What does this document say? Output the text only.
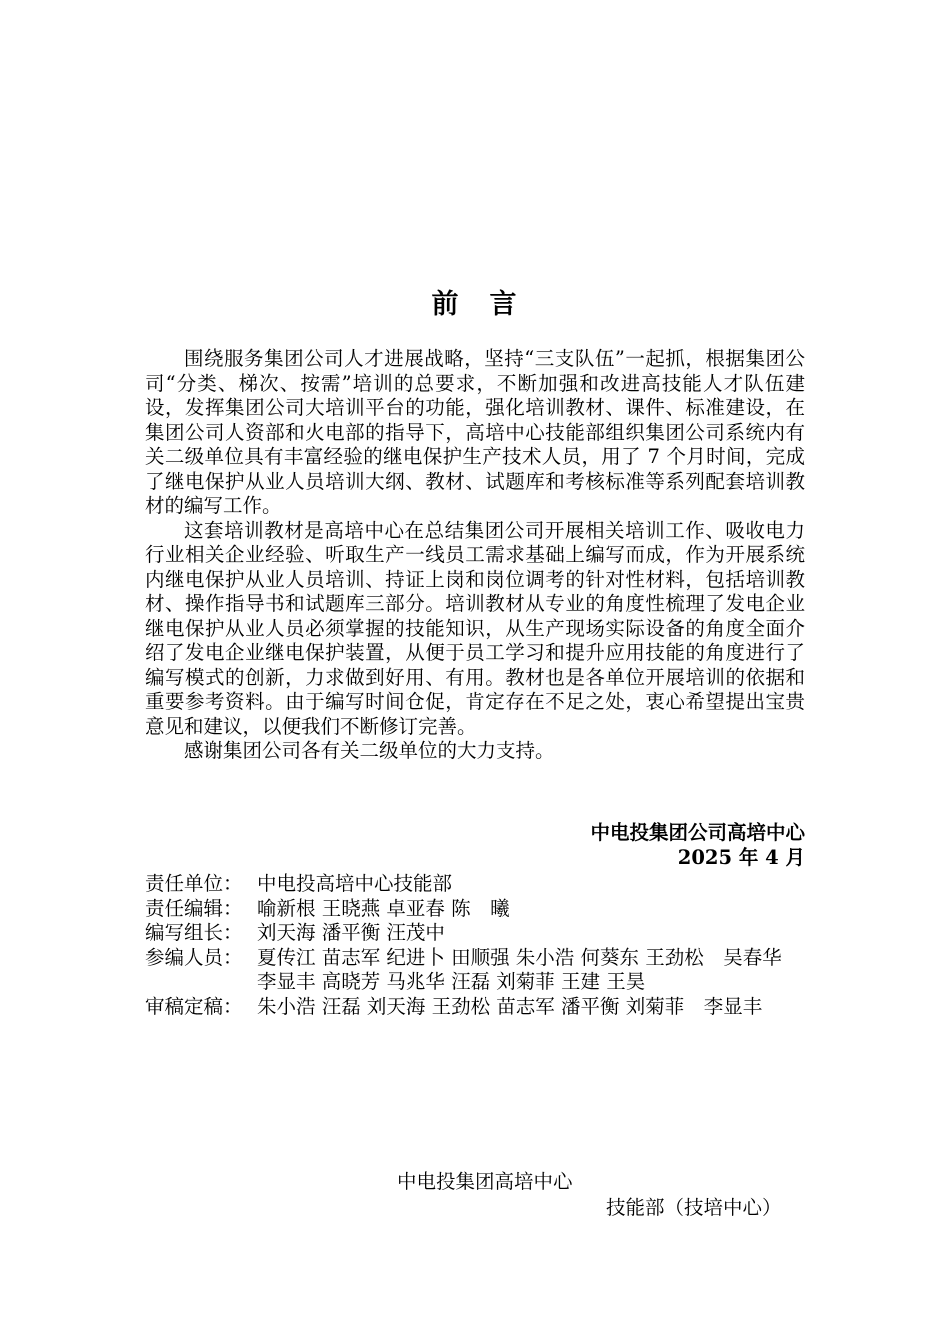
前　言

围绕服务集团公司人才进展战略，坚持“三支队伍”一起抓，根据集团公司“分类、梯次、按需”培训的总要求，不断加强和改进高技能人才队伍建设，发挥集团公司大培训平台的功能，强化培训教材、课件、标准建设，在集团公司人资部和火电部的指导下，高培中心技能部组织集团公司系统内有关二级单位具有丰富经验的继电保护生产技术人员，用了 7 个月时间，完成了继电保护从业人员培训大纲、教材、试题库和考核标准等系列配套培训教材的编写工作。

这套培训教材是高培中心在总结集团公司开展相关培训工作、吸收电力行业相关企业经验、听取生产一线员工需求基础上编写而成，作为开展系统内继电保护从业人员培训、持证上岗和岗位调考的针对性材料，包括培训教材、操作指导书和试题库三部分。培训教材从专业的角度性梳理了发电企业继电保护从业人员必须掌握的技能知识，从生产现场实际设备的角度全面介绍了发电企业继电保护装置，从便于员工学习和提升应用技能的角度进行了编写模式的创新，力求做到好用、有用。教材也是各单位开展培训的依据和重要参考资料。由于编写时间仓促，肯定存在不足之处，衷心希望提出宝贵意见和建议，以便我们不断修订完善。

感谢集团公司各有关二级单位的大力支持。

中电投集团公司高培中心
2025 年 4 月
责任单位： 中电投高培中心技能部
责任编辑： 喻新根 王晓燕 卓亚春 陈　曦
编写组长： 刘天海 潘平衡 汪茂中
参编人员： 夏传江 苗志军 纪进卜 田顺强 朱小浩 何葵东 王劲松　吴春华 李显丰 高晓芳 马兆华 汪磊 刘菊菲 王建 王昊
审稿定稿： 朱小浩 汪磊 刘天海 王劲松 苗志军 潘平衡 刘菊菲　李显丰
中电投集团高培中心
技能部（技培中心）
